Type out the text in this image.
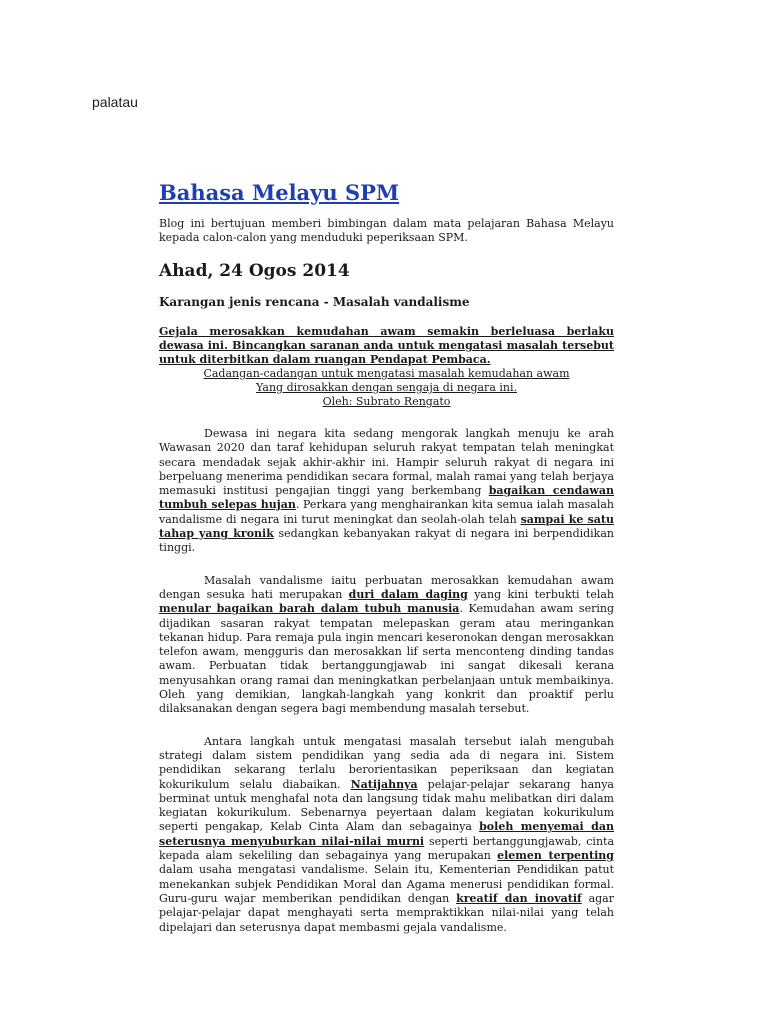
palatau
Bahasa Melayu SPM

Blog ini bertujuan memberi bimbingan dalam mata pelajaran Bahasa Melayu kepada calon-calon yang menduduki peperiksaan SPM.

Ahad, 24 Ogos 2014

Karangan jenis rencana - Masalah vandalisme

Gejala merosakkan kemudahan awam semakin berleluasa berlaku dewasa ini. Bincangkan saranan anda untuk mengatasi masalah tersebut untuk diterbitkan dalam ruangan Pendapat Pembaca.

Cadangan-cadangan untuk mengatasi masalah kemudahan awam

Yang dirosakkan dengan sengaja di negara ini.

Oleh: Subrato Rengato

Dewasa ini negara kita sedang mengorak langkah menuju ke arah Wawasan 2020 dan taraf kehidupan seluruh rakyat tempatan telah meningkat secara mendadak sejak akhir-akhir ini. Hampir seluruh rakyat di negara ini berpeluang menerima pendidikan secara formal, malah ramai yang telah berjaya memasuki institusi pengajian tinggi yang berkembang bagaikan cendawan tumbuh selepas hujan. Perkara yang menghairankan kita semua ialah masalah vandalisme di negara ini turut meningkat dan seolah-olah telah sampai ke satu tahap yang kronik sedangkan kebanyakan rakyat di negara ini berpendidikan tinggi.

Masalah vandalisme iaitu perbuatan merosakkan kemudahan awam dengan sesuka hati merupakan duri dalam daging yang kini terbukti telah menular bagaikan barah dalam tubuh manusia. Kemudahan awam sering dijadikan sasaran rakyat tempatan melepaskan geram atau meringankan tekanan hidup. Para remaja pula ingin mencari keseronokan dengan merosakkan telefon awam, mengguris dan merosakkan lif serta menconteng dinding tandas awam. Perbuatan tidak bertanggungjawab ini sangat dikesali kerana menyusahkan orang ramai dan meningkatkan perbelanjaan untuk membaikinya. Oleh yang demikian, langkah-langkah yang konkrit dan proaktif perlu dilaksanakan dengan segera bagi membendung masalah tersebut.

Antara langkah untuk mengatasi masalah tersebut ialah mengubah strategi dalam sistem pendidikan yang sedia ada di negara ini. Sistem pendidikan sekarang terlalu berorientasikan peperiksaan dan kegiatan kokurikulum selalu diabaikan. Natijahnya pelajar-pelajar sekarang hanya berminat untuk menghafal nota dan langsung tidak mahu melibatkan diri dalam kegiatan kokurikulum. Sebenarnya peyertaan dalam kegiatan kokurikulum seperti pengakap, Kelab Cinta Alam dan sebagainya boleh menyemai dan seterusnya menyuburkan nilai-nilai murni seperti bertanggungjawab, cinta kepada alam sekeliling dan sebagainya yang merupakan elemen terpenting dalam usaha mengatasi vandalisme. Selain itu, Kementerian Pendidikan patut menekankan subjek Pendidikan Moral dan Agama menerusi pendidikan formal. Guru-guru wajar memberikan pendidikan dengan kreatif dan inovatif agar pelajar-pelajar dapat menghayati serta mempraktikkan nilai-nilai yang telah dipelajari dan seterusnya dapat membasmi gejala vandalisme.
